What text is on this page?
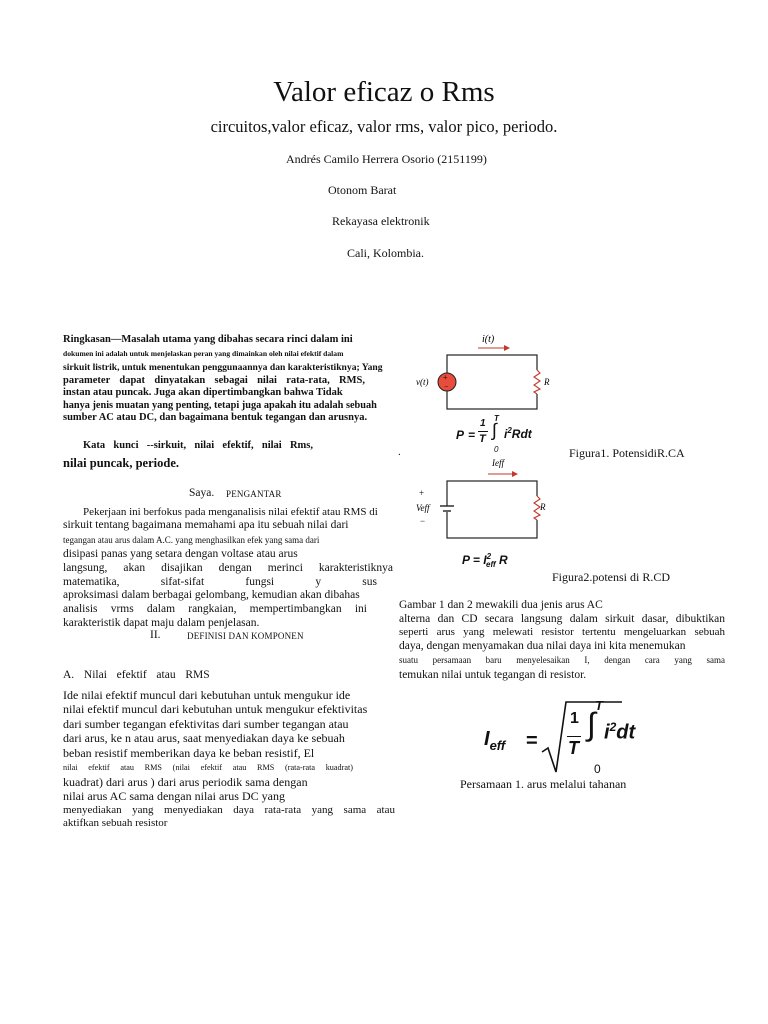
Valor eficaz o Rms
circuitos,valor eficaz, valor rms, valor pico, periodo.
Andrés Camilo Herrera Osorio (2151199)
Otonom Barat
Rekayasa elektronik
Cali, Kolombia.
Ringkasan—Masalah utama yang dibahas secara rinci dalam ini
dokumen ini adalah untuk menjelaskan peran yang dimainkan oleh nilai efektif dalam
sirkuit listrik, untuk menentukan penggunaannya dan karakteristiknya; Yang
parameter dapat dinyatakan sebagai nilai rata-rata, RMS,
instan atau puncak. Juga akan dipertimbangkan bahwa Tidak
hanya jenis muatan yang penting, tetapi juga apakah itu adalah sebuah
sumber AC atau DC, dan bagaimana bentuk tegangan dan arusnya.
Kata kunci --sirkuit, nilai efektif, nilai Rms,
nilai puncak, periode.
Saya. PENGANTAR
Pekerjaan ini berfokus pada menganalisis nilai efektif atau RMS di
sirkuit tentang bagaimana memahami apa itu sebuah nilai dari
tegangan atau arus dalam A.C. yang menghasilkan efek yang sama dari
disipasi panas yang setara dengan voltase atau arus
langsung, akan disajikan dengan merinci karakteristiknya
matematika, sifat-sifat fungsi y sus
aproksimasi dalam berbagai gelombang, kemudian akan dibahas
analisis vrms dalam rangkaian, mempertimbangkan ini
karakteristik dapat maju dalam penjelasan.
II.	DEFINISI DAN KOMPONEN
A.  Nilai  efektif  atau  RMS
Ide nilai efektif muncul dari kebutuhan untuk mengukur ide
nilai efektif muncul dari kebutuhan untuk mengukur efektivitas
dari sumber tegangan efektivitas dari sumber tegangan atau
dari arus, ke n atau arus, saat menyediakan daya ke sebuah
beban resistif memberikan daya ke beban resistif, El
nilai efektif atau RMS (nilai efektif atau RMS (rata-rata kuadrat)
kuadrat) dari arus ) dari arus periodik sama dengan
nilai arus AC sama dengan nilai arus DC yang
menyediakan yang menyediakan daya rata-rata yang sama atau
aktifkan sebuah resistor
i(t)
+
−
v(t)	R
P =
1
T
T
∫
0
$i^2Rdt$
.	Figura1. PotensidiR.CA
Ieff
+
Veff
−
R
$P = I^2_{eff}$ R
Figura2.potensi di R.CD
Gambar 1 dan 2 mewakili dua jenis arus AC
alterna dan CD secara langsung dalam sirkuit dasar, dibuktikan
seperti arus yang melewati resistor tertentu mengeluarkan sebuah
daya, dengan menyamakan dua nilai daya ini kita menemukan
suatu persamaan baru menyelesaikan I, dengan cara yang sama
temukan nilai untuk tegangan di resistor.
$I_{eff}$ =
1
T
T
∫
0
$i^2dt$
Persamaan 1. arus melalui tahanan
